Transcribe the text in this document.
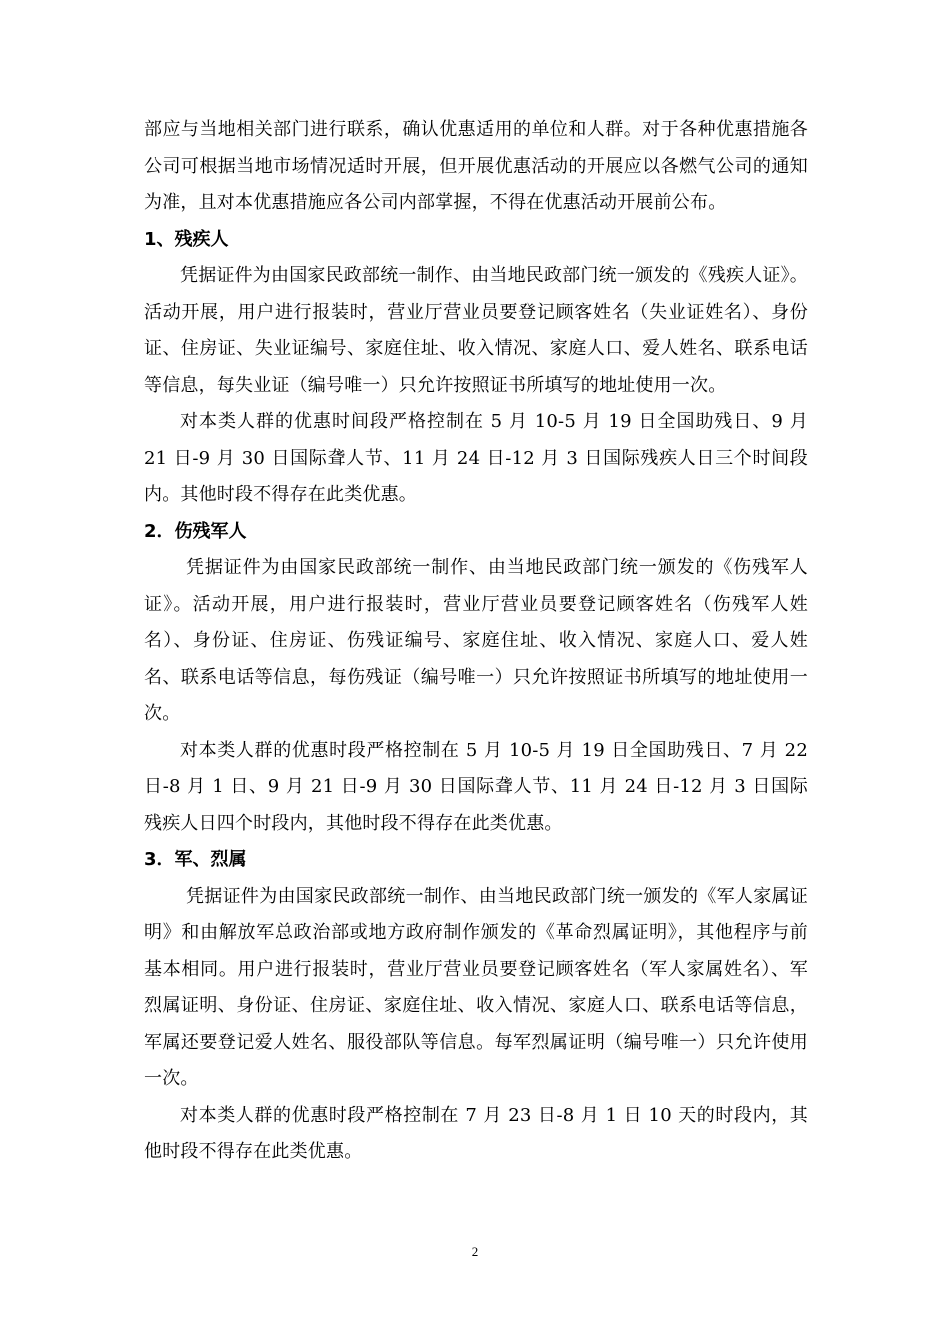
部应与当地相关部门进行联系，确认优惠适用的单位和人群。对于各种优惠措施各公司可根据当地市场情况适时开展，但开展优惠活动的开展应以各燃气公司的通知为准，且对本优惠措施应各公司内部掌握，不得在优惠活动开展前公布。

1、残疾人

凭据证件为由国家民政部统一制作、由当地民政部门统一颁发的《残疾人证》。活动开展，用户进行报装时，营业厅营业员要登记顾客姓名（失业证姓名）、身份证、住房证、失业证编号、家庭住址、收入情况、家庭人口、爱人姓名、联系电话等信息，每失业证（编号唯一）只允许按照证书所填写的地址使用一次。

对本类人群的优惠时间段严格控制在 5 月 10-5 月 19 日全国助残日、9 月 21 日-9 月 30 日国际聋人节、11 月 24 日-12 月 3 日国际残疾人日三个时间段内。其他时段不得存在此类优惠。

2．伤残军人

凭据证件为由国家民政部统一制作、由当地民政部门统一颁发的《伤残军人证》。活动开展，用户进行报装时，营业厅营业员要登记顾客姓名（伤残军人姓名）、身份证、住房证、伤残证编号、家庭住址、收入情况、家庭人口、爱人姓名、联系电话等信息，每伤残证（编号唯一）只允许按照证书所填写的地址使用一次。

对本类人群的优惠时段严格控制在 5 月 10-5 月 19 日全国助残日、7 月 22 日-8 月 1 日、9 月 21 日-9 月 30 日国际聋人节、11 月 24 日-12 月 3 日国际残疾人日四个时段内，其他时段不得存在此类优惠。

3．军、烈属

凭据证件为由国家民政部统一制作、由当地民政部门统一颁发的《军人家属证明》和由解放军总政治部或地方政府制作颁发的《革命烈属证明》，其他程序与前基本相同。用户进行报装时，营业厅营业员要登记顾客姓名（军人家属姓名）、军烈属证明、身份证、住房证、家庭住址、收入情况、家庭人口、联系电话等信息，军属还要登记爱人姓名、服役部队等信息。每军烈属证明（编号唯一）只允许使用一次。

对本类人群的优惠时段严格控制在 7 月 23 日-8 月 1 日 10 天的时段内，其他时段不得存在此类优惠。

2
